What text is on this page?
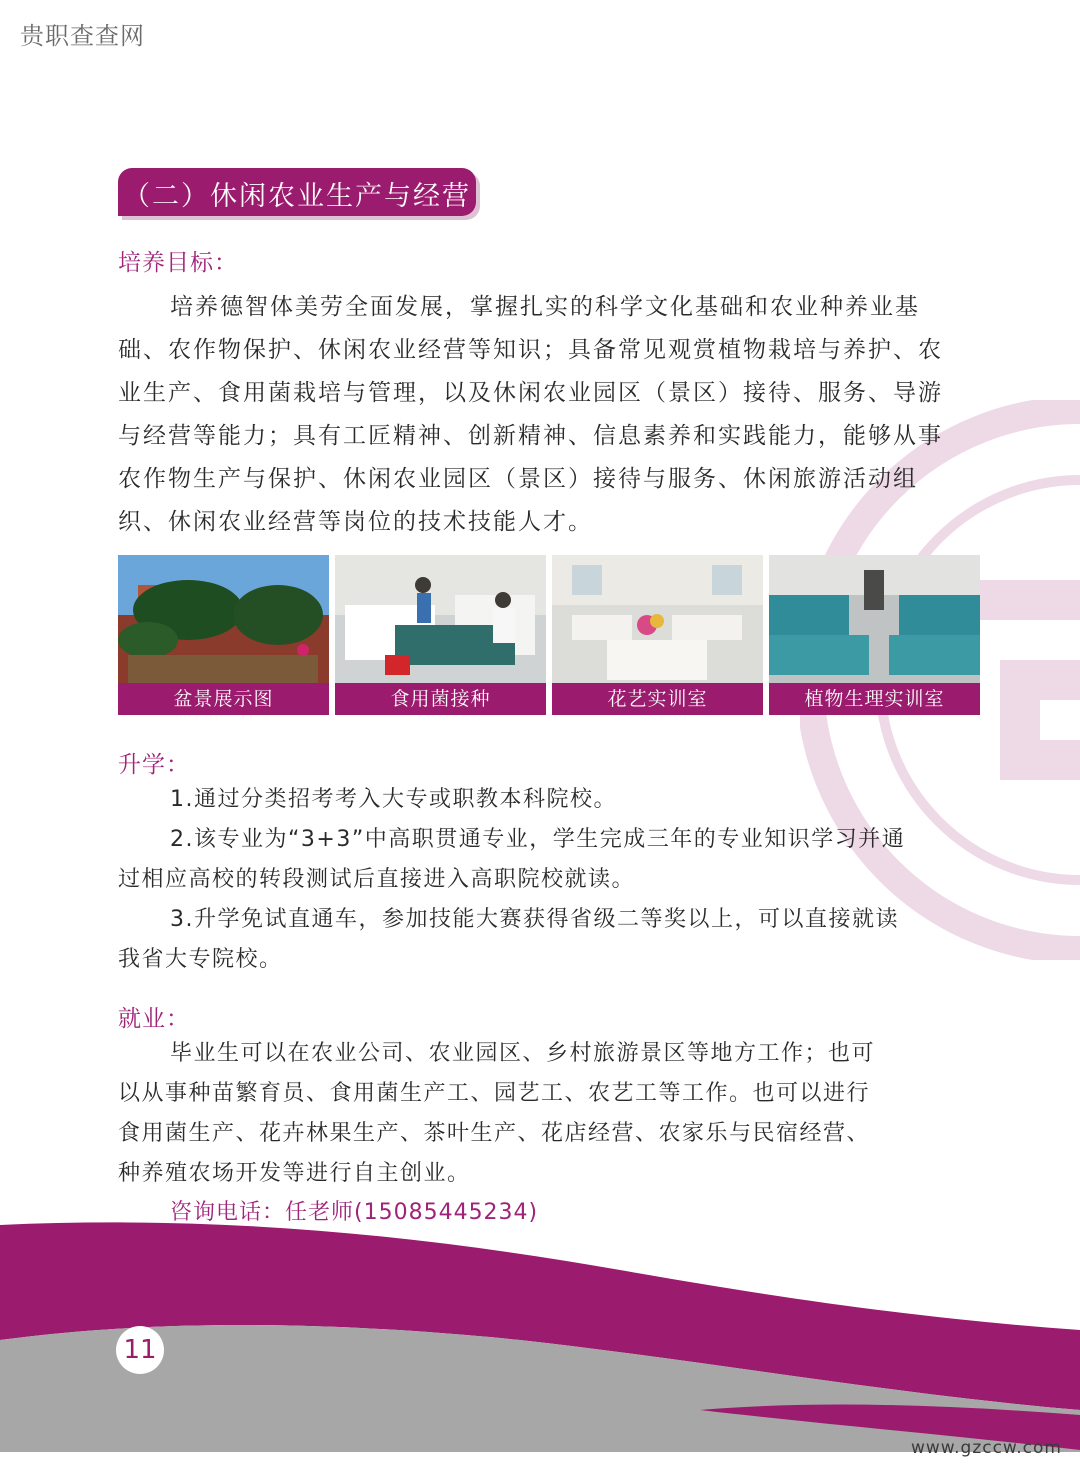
贵职查查网
（二）休闲农业生产与经营
培养目标：
培养德智体美劳全面发展，掌握扎实的科学文化基础和农业种养业基
础、农作物保护、休闲农业经营等知识；具备常见观赏植物栽培与养护、农
业生产、食用菌栽培与管理，以及休闲农业园区（景区）接待、服务、导游
与经营等能力；具有工匠精神、创新精神、信息素养和实践能力，能够从事
农作物生产与保护、休闲农业园区（景区）接待与服务、休闲旅游活动组
织、休闲农业经营等岗位的技术技能人才。
盆景展示图	食用菌接种	花艺实训室	植物生理实训室
升学：
1.通过分类招考考入大专或职教本科院校。
2.该专业为“3+3”中高职贯通专业，学生完成三年的专业知识学习并通
过相应高校的转段测试后直接进入高职院校就读。
3.升学免试直通车，参加技能大赛获得省级二等奖以上，可以直接就读
我省大专院校。
就业：
毕业生可以在农业公司、农业园区、乡村旅游景区等地方工作；也可
以从事种苗繁育员、食用菌生产工、园艺工、农艺工等工作。也可以进行
食用菌生产、花卉林果生产、茶叶生产、花店经营、农家乐与民宿经营、
种养殖农场开发等进行自主创业。
咨询电话：任老师(15085445234)
11
www.gzccw.com
